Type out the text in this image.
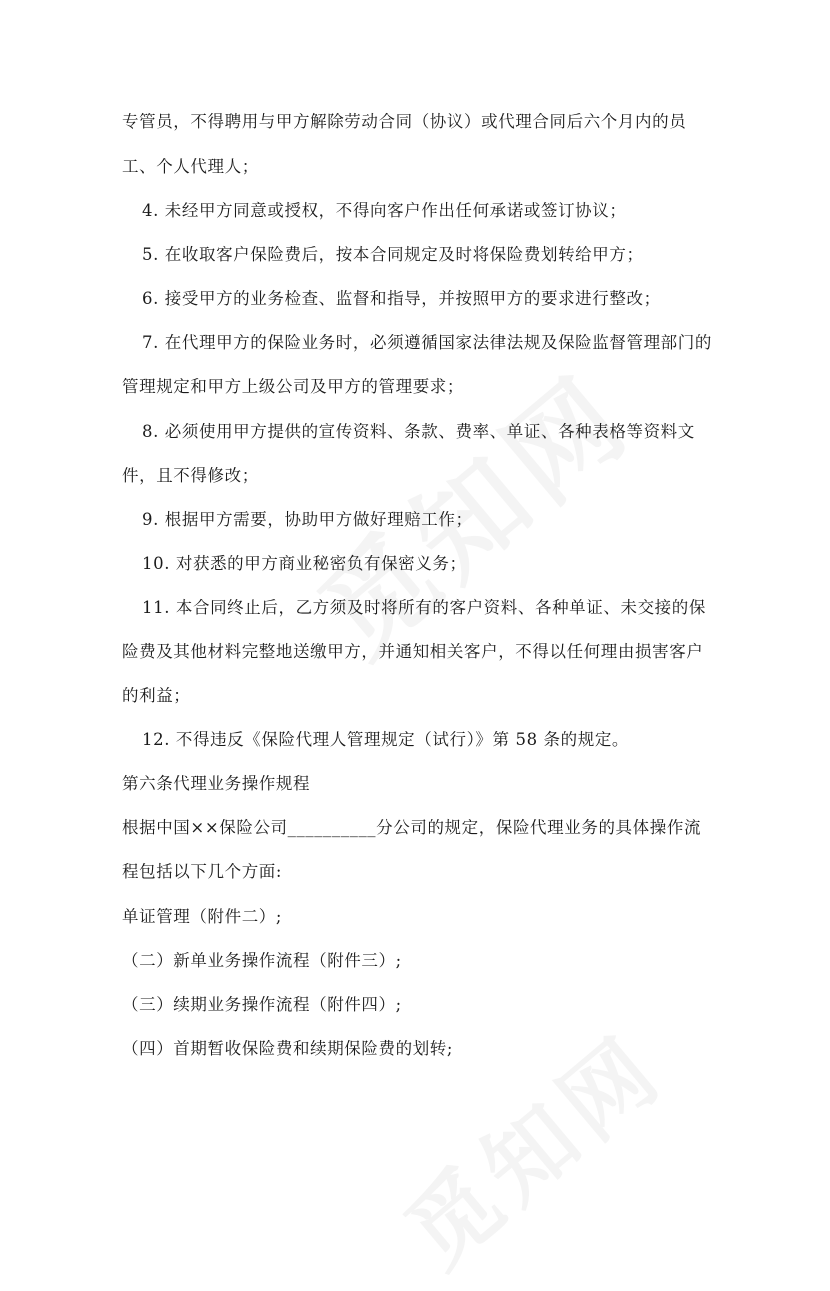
专管员，不得聘用与甲方解除劳动合同（协议）或代理合同后六个月内的员
工、个人代理人；
4. 未经甲方同意或授权，不得向客户作出任何承诺或签订协议；
5. 在收取客户保险费后，按本合同规定及时将保险费划转给甲方；
6. 接受甲方的业务检查、监督和指导，并按照甲方的要求进行整改；
7. 在代理甲方的保险业务时，必须遵循国家法律法规及保险监督管理部门的
管理规定和甲方上级公司及甲方的管理要求；
8. 必须使用甲方提供的宣传资料、条款、费率、单证、各种表格等资料文
件，且不得修改；
9. 根据甲方需要，协助甲方做好理赔工作；
10. 对获悉的甲方商业秘密负有保密义务；
11. 本合同终止后，乙方须及时将所有的客户资料、各种单证、未交接的保
险费及其他材料完整地送缴甲方，并通知相关客户，不得以任何理由损害客户
的利益；
12. 不得违反《保险代理人管理规定（试行）》第 58 条的规定。
第六条代理业务操作规程
根据中国××保险公司__________分公司的规定，保险代理业务的具体操作流
程包括以下几个方面:
单证管理（附件二）;
（二）新单业务操作流程（附件三）;
（三）续期业务操作流程（附件四）;
（四）首期暂收保险费和续期保险费的划转;
